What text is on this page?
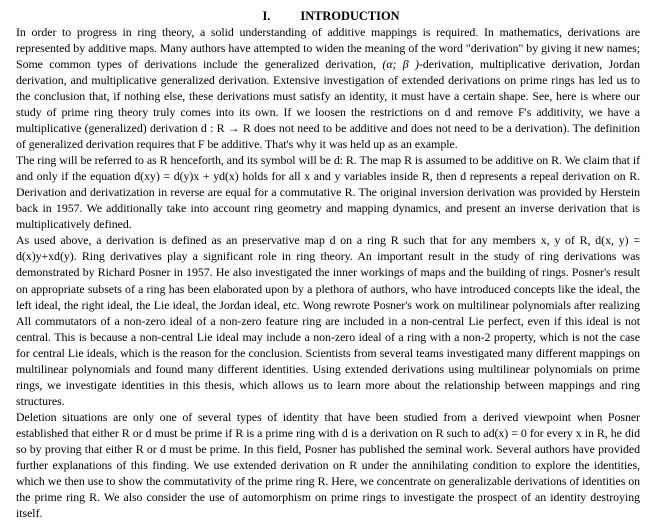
I. INTRODUCTION

In order to progress in ring theory, a solid understanding of additive mappings is required. In mathematics, derivations are represented by additive maps. Many authors have attempted to widen the meaning of the word "derivation" by giving it new names; Some common types of derivations include the generalized derivation, (α; β )-derivation, multiplicative derivation, Jordan derivation, and multiplicative generalized derivation. Extensive investigation of extended derivations on prime rings has led us to the conclusion that, if nothing else, these derivations must satisfy an identity, it must have a certain shape. See, here is where our study of prime ring theory truly comes into its own. If we loosen the restrictions on d and remove F's additivity, we have a multiplicative (generalized) derivation d : R → R does not need to be additive and does not need to be a derivation). The definition of generalized derivation requires that F be additive. That's why it was held up as an example.

The ring will be referred to as R henceforth, and its symbol will be d: R. The map R is assumed to be additive on R. We claim that if and only if the equation d(xy) = d(y)x + yd(x) holds for all x and y variables inside R, then d represents a repeal derivation on R. Derivation and derivatization in reverse are equal for a commutative R. The original inversion derivation was provided by Herstein back in 1957. We additionally take into account ring geometry and mapping dynamics, and present an inverse derivation that is multiplicatively defined.

As used above, a derivation is defined as an preservative map d on a ring R such that for any members x, y of R, d(x, y) = d(x)y+xd(y). Ring derivatives play a significant role in ring theory. An important result in the study of ring derivations was demonstrated by Richard Posner in 1957. He also investigated the inner workings of maps and the building of rings. Posner's result on appropriate subsets of a ring has been elaborated upon by a plethora of authors, who have introduced concepts like the ideal, the left ideal, the right ideal, the Lie ideal, the Jordan ideal, etc. Wong rewrote Posner's work on multilinear polynomials after realizing All commutators of a non-zero ideal of a non-zero feature ring are included in a non-central Lie perfect, even if this ideal is not central. This is because a non-central Lie ideal may include a non-zero ideal of a ring with a non-2 property, which is not the case for central Lie ideals, which is the reason for the conclusion. Scientists from several teams investigated many different mappings on multilinear polynomials and found many different identities. Using extended derivations using multilinear polynomials on prime rings, we investigate identities in this thesis, which allows us to learn more about the relationship between mappings and ring structures.

Deletion situations are only one of several types of identity that have been studied from a derived viewpoint when Posner established that either R or d must be prime if R is a prime ring with d is a derivation on R such to ad(x) = 0 for every x in R, he did so by proving that either R or d must be prime. In this field, Posner has published the seminal work. Several authors have provided further explanations of this finding. We use extended derivation on R under the annihilating condition to explore the identities, which we then use to show the commutativity of the prime ring R. Here, we concentrate on generalizable derivations of identities on the prime ring R. We also consider the use of automorphism on prime rings to investigate the prospect of an identity destroying itself.
